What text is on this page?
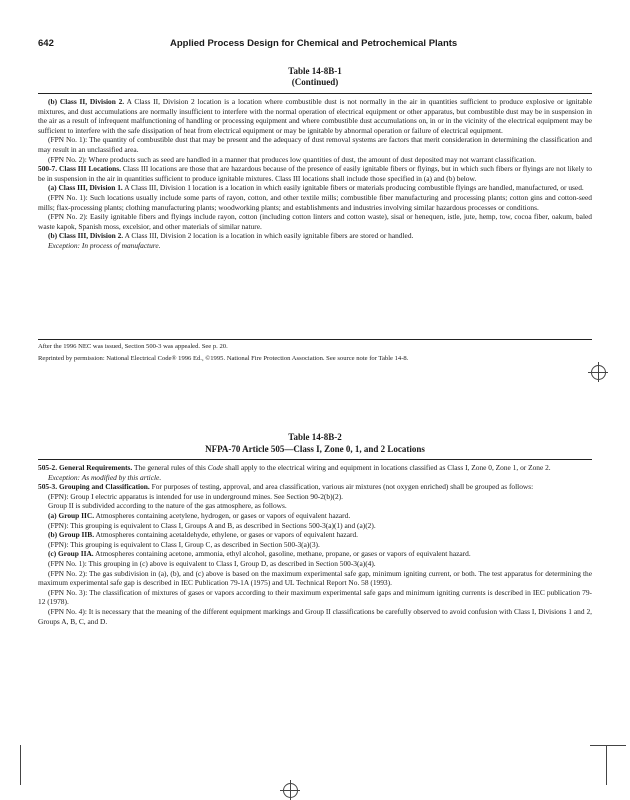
642	Applied Process Design for Chemical and Petrochemical Plants
Table 14-8B-1
(Continued)

(b) Class II, Division 2. A Class II, Division 2 location is a location where combustible dust is not normally in the air in quantities sufficient to produce explosive or ignitable mixtures, and dust accumulations are normally insufficient to interfere with the normal operation of electrical equipment or other apparatus, but combustible dust may be in suspension in the air as a result of infrequent malfunctioning of handling or processing equipment and where combustible dust accumulations on, in or in the vicinity of the electrical equipment may be sufficient to interfere with the safe dissipation of heat from electrical equipment or may be ignitable by abnormal operation or failure of electrical equipment.

(FPN No. 1): The quantity of combustible dust that may be present and the adequacy of dust removal systems are factors that merit consideration in determining the classification and may result in an unclassified area.

(FPN No. 2): Where products such as seed are handled in a manner that produces low quantities of dust, the amount of dust deposited may not warrant classification.

500-7. Class III Locations. Class III locations are those that are hazardous because of the presence of easily ignitable fibers or flyings, but in which such fibers or flyings are not likely to be in suspension in the air in quantities sufficient to produce ignitable mixtures. Class III locations shall include those specified in (a) and (b) below.

(a) Class III, Division 1. A Class III, Division 1 location is a location in which easily ignitable fibers or materials producing combustible flyings are handled, manufactured, or used.

(FPN No. 1): Such locations usually include some parts of rayon, cotton, and other textile mills; combustible fiber manufacturing and processing plants; cotton gins and cotton-seed mills; flax-processing plants; clothing manufacturing plants; woodworking plants; and establishments and industries involving similar hazardous processes or conditions.

(FPN No. 2): Easily ignitable fibers and flyings include rayon, cotton (including cotton linters and cotton waste), sisal or henequen, istle, jute, hemp, tow, cocoa fiber, oakum, baled waste kapok, Spanish moss, excelsior, and other materials of similar nature.

(b) Class III, Division 2. A Class III, Division 2 location is a location in which easily ignitable fibers are stored or handled.

Exception: In process of manufacture.

After the 1996 NEC was issued, Section 500-3 was appealed. See p. 20.

Reprinted by permission: National Electrical Code® 1996 Ed., ©1995. National Fire Protection Association. See source note for Table 14-8.

Table 14-8B-2
NFPA-70 Article 505—Class I, Zone 0, 1, and 2 Locations

505-2. General Requirements. The general rules of this Code shall apply to the electrical wiring and equipment in locations classified as Class I, Zone 0, Zone 1, or Zone 2.

Exception: As modified by this article.

505-3. Grouping and Classification. For purposes of testing, approval, and area classification, various air mixtures (not oxygen enriched) shall be grouped as follows:

(FPN): Group I electric apparatus is intended for use in underground mines. See Section 90-2(b)(2).

Group II is subdivided according to the nature of the gas atmosphere, as follows.

(a) Group IIC. Atmospheres containing acetylene, hydrogen, or gases or vapors of equivalent hazard.

(FPN): This grouping is equivalent to Class I, Groups A and B, as described in Sections 500-3(a)(1) and (a)(2).

(b) Group IIB. Atmospheres containing acetaldehyde, ethylene, or gases or vapors of equivalent hazard.

(FPN): This grouping is equivalent to Class I, Group C, as described in Section 500-3(a)(3).

(c) Group IIA. Atmospheres containing acetone, ammonia, ethyl alcohol, gasoline, methane, propane, or gases or vapors of equivalent hazard.

(FPN No. 1): This grouping in (c) above is equivalent to Class I, Group D, as described in Section 500-3(a)(4).

(FPN No. 2): The gas subdivision in (a), (b), and (c) above is based on the maximum experimental safe gap, minimum igniting current, or both. The test apparatus for determining the maximum experimental safe gap is described in IEC Publication 79-1A (1975) and UL Technical Report No. 58 (1993).

(FPN No. 3): The classification of mixtures of gases or vapors according to their maximum experimental safe gaps and minimum igniting currents is described in IEC publication 79-12 (1978).

(FPN No. 4): It is necessary that the meaning of the different equipment markings and Group II classifications be carefully observed to avoid confusion with Class I, Divisions 1 and 2, Groups A, B, C, and D.
